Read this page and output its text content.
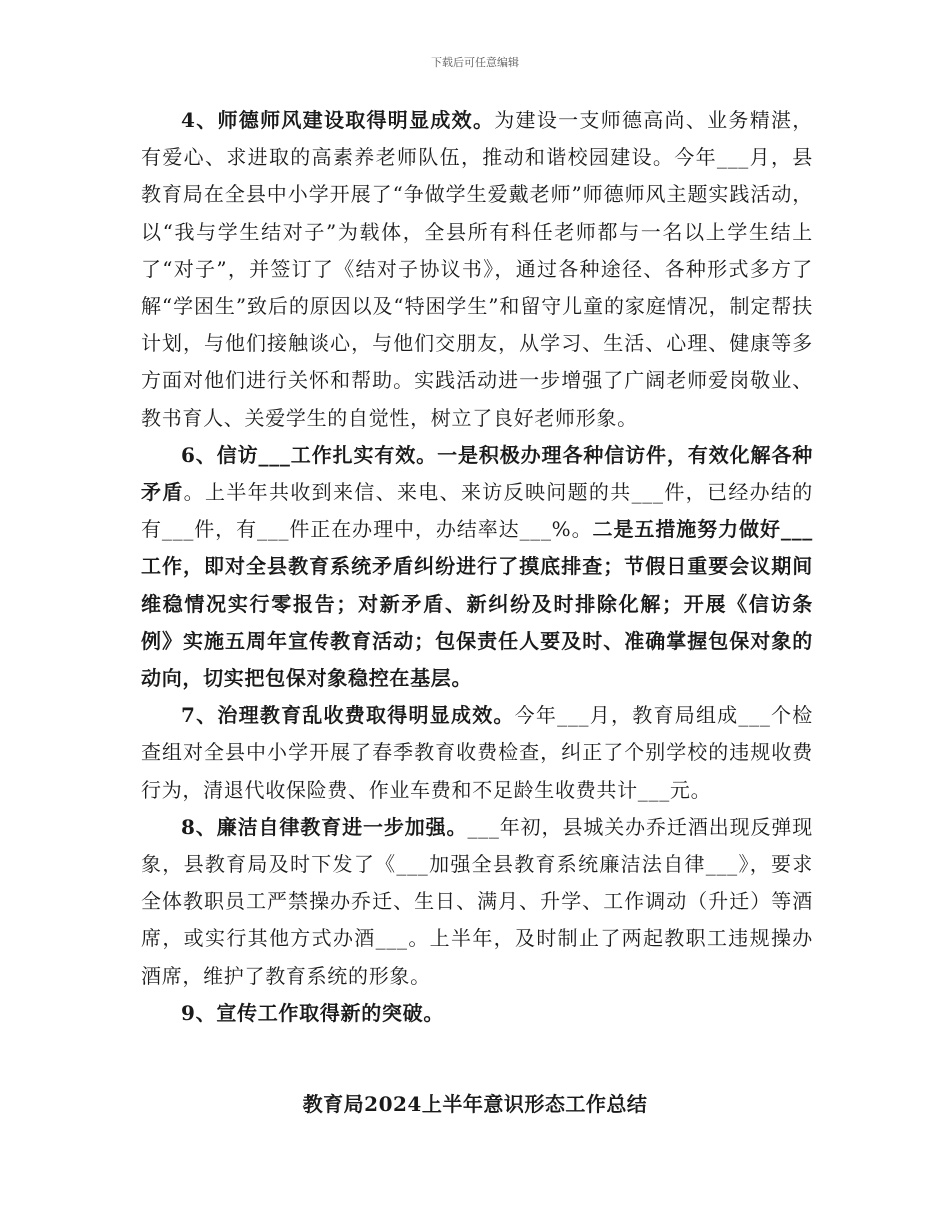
下载后可任意编辑

4、师德师风建设取得明显成效。为建设一支师德高尚、业务精湛，有爱心、求进取的高素养老师队伍，推动和谐校园建设。今年___月，县教育局在全县中小学开展了“争做学生爱戴老师”师德师风主题实践活动，以“我与学生结对子”为载体，全县所有科任老师都与一名以上学生结上了“对子”，并签订了《结对子协议书》，通过各种途径、各种形式多方了解“学困生”致后的原因以及“特困学生”和留守儿童的家庭情况，制定帮扶计划，与他们接触谈心，与他们交朋友，从学习、生活、心理、健康等多方面对他们进行关怀和帮助。实践活动进一步增强了广阔老师爱岗敬业、教书育人、关爱学生的自觉性，树立了良好老师形象。

6、信访___工作扎实有效。一是积极办理各种信访件，有效化解各种矛盾。上半年共收到来信、来电、来访反映问题的共___件，已经办结的有___件，有___件正在办理中，办结率达___%。二是五措施努力做好___工作，即对全县教育系统矛盾纠纷进行了摸底排查；节假日重要会议期间维稳情况实行零报告；对新矛盾、新纠纷及时排除化解；开展《信访条例》实施五周年宣传教育活动；包保责任人要及时、准确掌握包保对象的动向，切实把包保对象稳控在基层。

7、治理教育乱收费取得明显成效。今年___月，教育局组成___个检查组对全县中小学开展了春季教育收费检查，纠正了个别学校的违规收费行为，清退代收保险费、作业车费和不足龄生收费共计___元。

8、廉洁自律教育进一步加强。___年初，县城关办乔迁酒出现反弹现象，县教育局及时下发了《___加强全县教育系统廉洁法自律___》，要求全体教职员工严禁操办乔迁、生日、满月、升学、工作调动（升迁）等酒席，或实行其他方式办酒___。上半年，及时制止了两起教职工违规操办酒席，维护了教育系统的形象。

9、宣传工作取得新的突破。

教育局2024上半年意识形态工作总结
